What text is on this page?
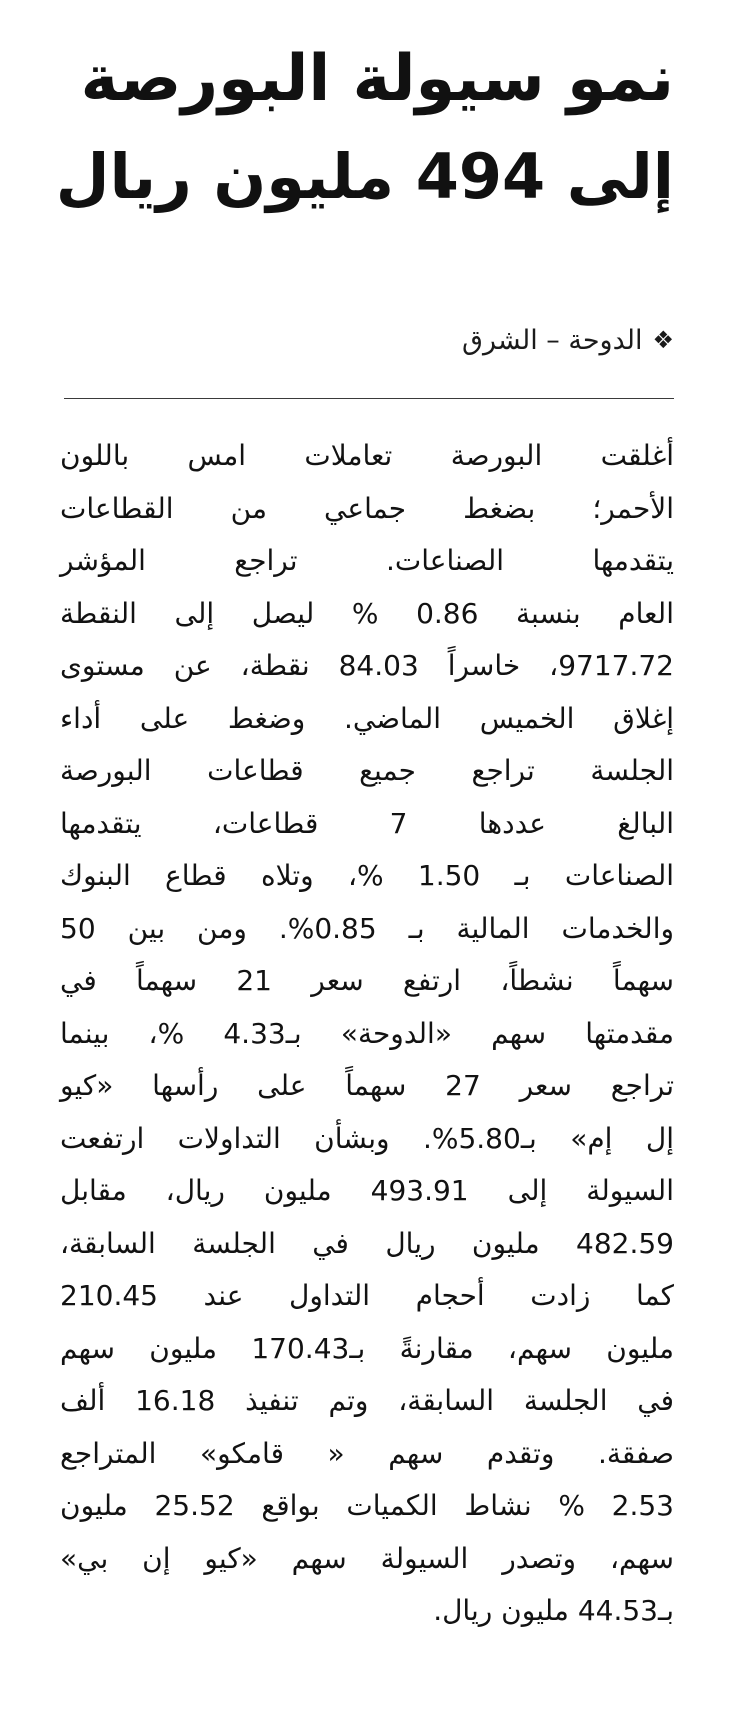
نمو سيولة البورصة
إلى 494 مليون ريال
❖الدوحة – الشرق

أغلقت البورصة تعاملات امس باللون
الأحمر؛ بضغط جماعي من القطاعات
يتقدمها الصناعات. تراجع المؤشر
العام بنسبة 0.86 % ليصل إلى النقطة
9717.72، خاسراً 84.03 نقطة، عن مستوى
إغلاق الخميس الماضي. وضغط على أداء
الجلسة تراجع جميع قطاعات البورصة
البالغ عددها 7 قطاعات، يتقدمها
الصناعات بـ 1.50 %، وتلاه قطاع البنوك
والخدمات المالية بـ 0.85%. ومن بين 50
سهماً نشطاً، ارتفع سعر 21 سهماً في
مقدمتها سهم «الدوحة» بـ4.33 %، بينما
تراجع سعر 27 سهماً على رأسها «كيو
إل إم» بـ5.80%. وبشأن التداولات ارتفعت
السيولة إلى 493.91 مليون ريال، مقابل
482.59 مليون ريال في الجلسة السابقة،
كما زادت أحجام التداول عند 210.45
مليون سهم، مقارنةً بـ170.43 مليون سهم
في الجلسة السابقة، وتم تنفيذ 16.18 ألف
صفقة. وتقدم سهم « قامكو» المتراجع
2.53 % نشاط الكميات بواقع 25.52 مليون
سهم، وتصدر السيولة سهم «كيو إن بي»
بـ44.53 مليون ريال.
